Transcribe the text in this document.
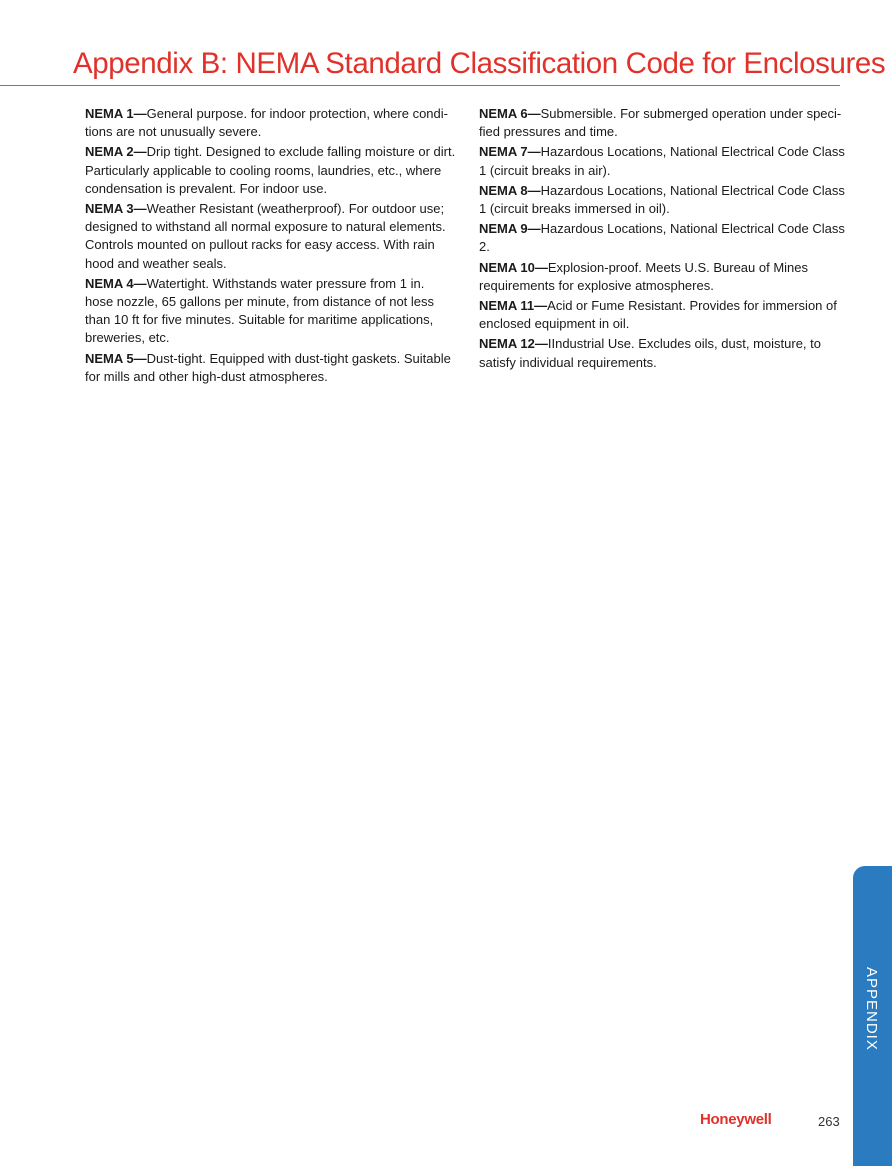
Appendix B: NEMA Standard Classification Code for Enclosures

NEMA 1—General purpose. for indoor protection, where condi-tions are not unusually severe.

NEMA 2—Drip tight. Designed to exclude falling moisture or dirt. Particularly applicable to cooling rooms, laundries, etc., where condensation is prevalent. For indoor use.

NEMA 3—Weather Resistant (weatherproof). For outdoor use; designed to withstand all normal exposure to natural elements. Controls mounted on pullout racks for easy access. With rain hood and weather seals.

NEMA 4—Watertight. Withstands water pressure from 1 in. hose nozzle, 65 gallons per minute, from distance of not less than 10 ft for five minutes. Suitable for maritime applications, breweries, etc.

NEMA 5—Dust-tight. Equipped with dust-tight gaskets. Suitable for mills and other high-dust atmospheres.

NEMA 6—Submersible. For submerged operation under speci-fied pressures and time.

NEMA 7—Hazardous Locations, National Electrical Code Class 1 (circuit breaks in air).

NEMA 8—Hazardous Locations, National Electrical Code Class 1 (circuit breaks immersed in oil).

NEMA 9—Hazardous Locations, National Electrical Code Class 2.

NEMA 10—Explosion-proof. Meets U.S. Bureau of Mines requirements for explosive atmospheres.

NEMA 11—Acid or Fume Resistant. Provides for immersion of enclosed equipment in oil.

NEMA 12—IIndustrial Use. Excludes oils, dust, moisture, to satisfy individual requirements.

APPENDIX
Honeywell	263
